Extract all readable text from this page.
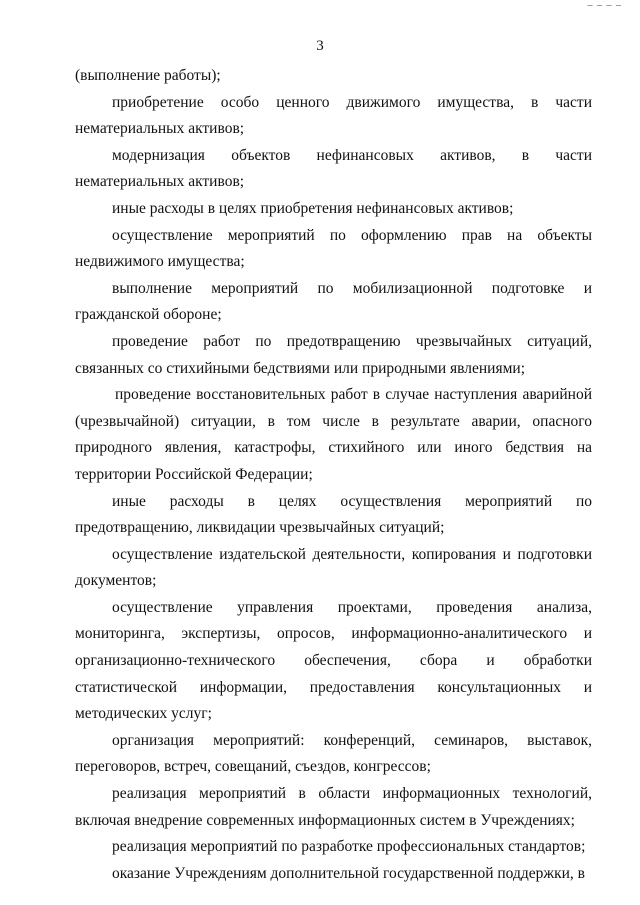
‒ ‒ ‒ ‒
3

(выполнение работы);

приобретение особо ценного движимого имущества, в части нематериальных активов;

модернизация объектов нефинансовых активов, в части нематериальных активов;

иные расходы в целях приобретения нефинансовых активов;

осуществление мероприятий по оформлению прав на объекты недвижимого имущества;

выполнение мероприятий по мобилизационной подготовке и гражданской обороне;

проведение работ по предотвращению чрезвычайных ситуаций, связанных со стихийными бедствиями или природными явлениями;

проведение восстановительных работ в случае наступления аварийной (чрезвычайной) ситуации, в том числе в результате аварии, опасного природного явления, катастрофы, стихийного или иного бедствия на территории Российской Федерации;

иные расходы в целях осуществления мероприятий по предотвращению, ликвидации чрезвычайных ситуаций;

осуществление издательской деятельности, копирования и подготовки документов;

осуществление управления проектами, проведения анализа, мониторинга, экспертизы, опросов, информационно-аналитического и организационно-технического обеспечения, сбора и обработки статистической информации, предоставления консультационных и методических услуг;

организация мероприятий: конференций, семинаров, выставок, переговоров, встреч, совещаний, съездов, конгрессов;

реализация мероприятий в области информационных технологий, включая внедрение современных информационных систем в Учреждениях;

реализация мероприятий по разработке профессиональных стандартов;

оказание Учреждениям дополнительной государственной поддержки, в
